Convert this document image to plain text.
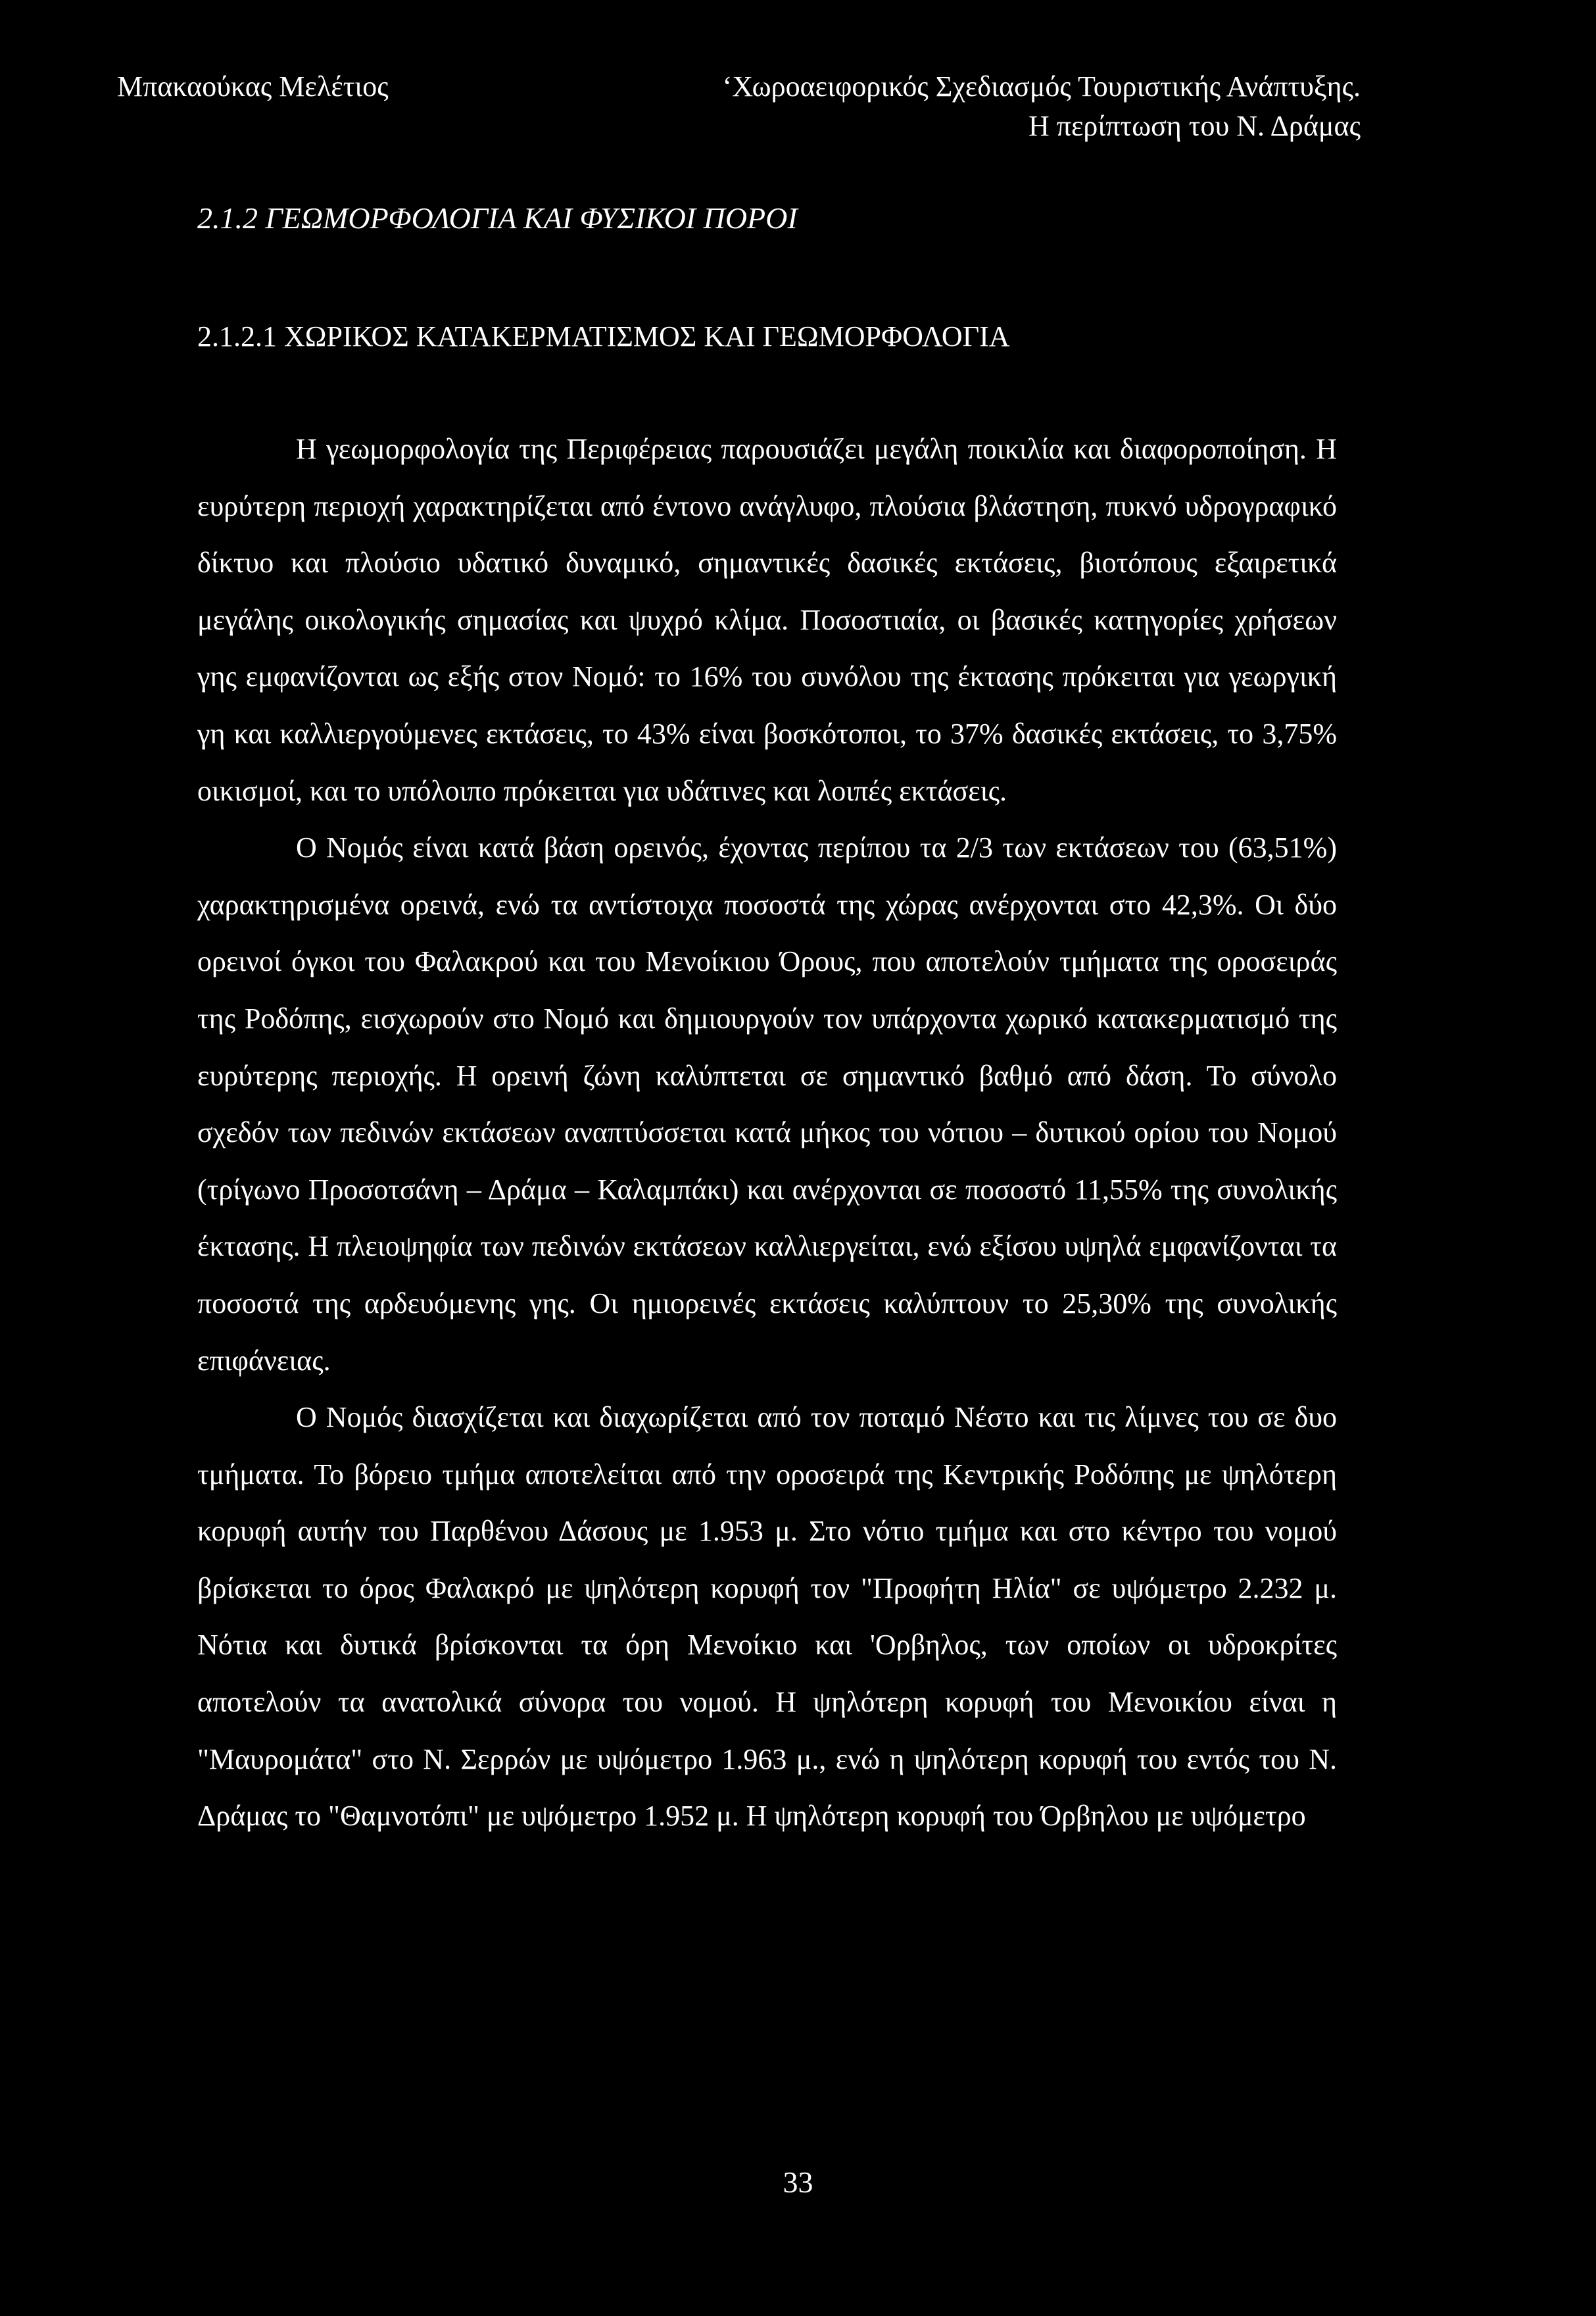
Μπακαούκας Μελέτιος	‘Χωροαειφορικός Σχεδιασμός Τουριστικής Ανάπτυξης.
Η περίπτωση του Ν. Δράμας
2.1.2 ΓΕΩΜΟΡΦΟΛΟΓΙΑ ΚΑΙ ΦΥΣΙΚΟΙ ΠΟΡΟΙ
2.1.2.1 ΧΩΡΙΚΟΣ ΚΑΤΑΚΕΡΜΑΤΙΣΜΟΣ ΚΑΙ ΓΕΩΜΟΡΦΟΛΟΓΙΑ

Η γεωμορφολογία της Περιφέρειας παρουσιάζει μεγάλη ποικιλία και διαφοροποίηση. Η ευρύτερη περιοχή χαρακτηρίζεται από έντονο ανάγλυφο, πλούσια βλάστηση, πυκνό υδρογραφικό δίκτυο και πλούσιο υδατικό δυναμικό, σημαντικές δασικές εκτάσεις, βιοτόπους εξαιρετικά μεγάλης οικολογικής σημασίας και ψυχρό κλίμα. Ποσοστιαία, οι βασικές κατηγορίες χρήσεων γης εμφανίζονται ως εξής στον Νομό: το 16% του συνόλου της έκτασης πρόκειται για γεωργική γη και καλλιεργούμενες εκτάσεις, το 43% είναι βοσκότοποι, το 37% δασικές εκτάσεις, το 3,75% οικισμοί, και το υπόλοιπο πρόκειται για υδάτινες και λοιπές εκτάσεις.

Ο Νομός είναι κατά βάση ορεινός, έχοντας περίπου τα 2/3 των εκτάσεων του (63,51%) χαρακτηρισμένα ορεινά, ενώ τα αντίστοιχα ποσοστά της χώρας ανέρχονται στο 42,3%. Οι δύο ορεινοί όγκοι του Φαλακρού και του Μενοίκιου Όρους, που αποτελούν τμήματα της οροσειράς της Ροδόπης, εισχωρούν στο Νομό και δημιουργούν τον υπάρχοντα χωρικό κατακερματισμό της ευρύτερης περιοχής. Η ορεινή ζώνη καλύπτεται σε σημαντικό βαθμό από δάση. Το σύνολο σχεδόν των πεδινών εκτάσεων αναπτύσσεται κατά μήκος του νότιου – δυτικού ορίου του Νομού (τρίγωνο Προσοτσάνη – Δράμα – Καλαμπάκι) και ανέρχονται σε ποσοστό 11,55% της συνολικής έκτασης. Η πλειοψηφία των πεδινών εκτάσεων καλλιεργείται, ενώ εξίσου υψηλά εμφανίζονται τα ποσοστά της αρδευόμενης γης. Οι ημιορεινές εκτάσεις καλύπτουν το 25,30% της συνολικής επιφάνειας.

Ο Νομός διασχίζεται και διαχωρίζεται από τον ποταμό Νέστο και τις λίμνες του σε δυο τμήματα. Το βόρειο τμήμα αποτελείται από την οροσειρά της Κεντρικής Ροδόπης με ψηλότερη κορυφή αυτήν του Παρθένου Δάσους με 1.953 μ. Στο νότιο τμήμα και στο κέντρο του νομού βρίσκεται το όρος Φαλακρό με ψηλότερη κορυφή τον "Προφήτη Ηλία" σε υψόμετρο 2.232 μ. Νότια και δυτικά βρίσκονται τα όρη Μενοίκιο και 'Ορβηλος, των οποίων οι υδροκρίτες αποτελούν τα ανατολικά σύνορα του νομού. Η ψηλότερη κορυφή του Μενοικίου είναι η "Μαυρομάτα" στο Ν. Σερρών με υψόμετρο 1.963 μ., ενώ η ψηλότερη κορυφή του εντός του Ν. Δράμας το "Θαμνοτόπι" με υψόμετρο 1.952 μ. Η ψηλότερη κορυφή του Όρβηλου με υψόμετρο

33
